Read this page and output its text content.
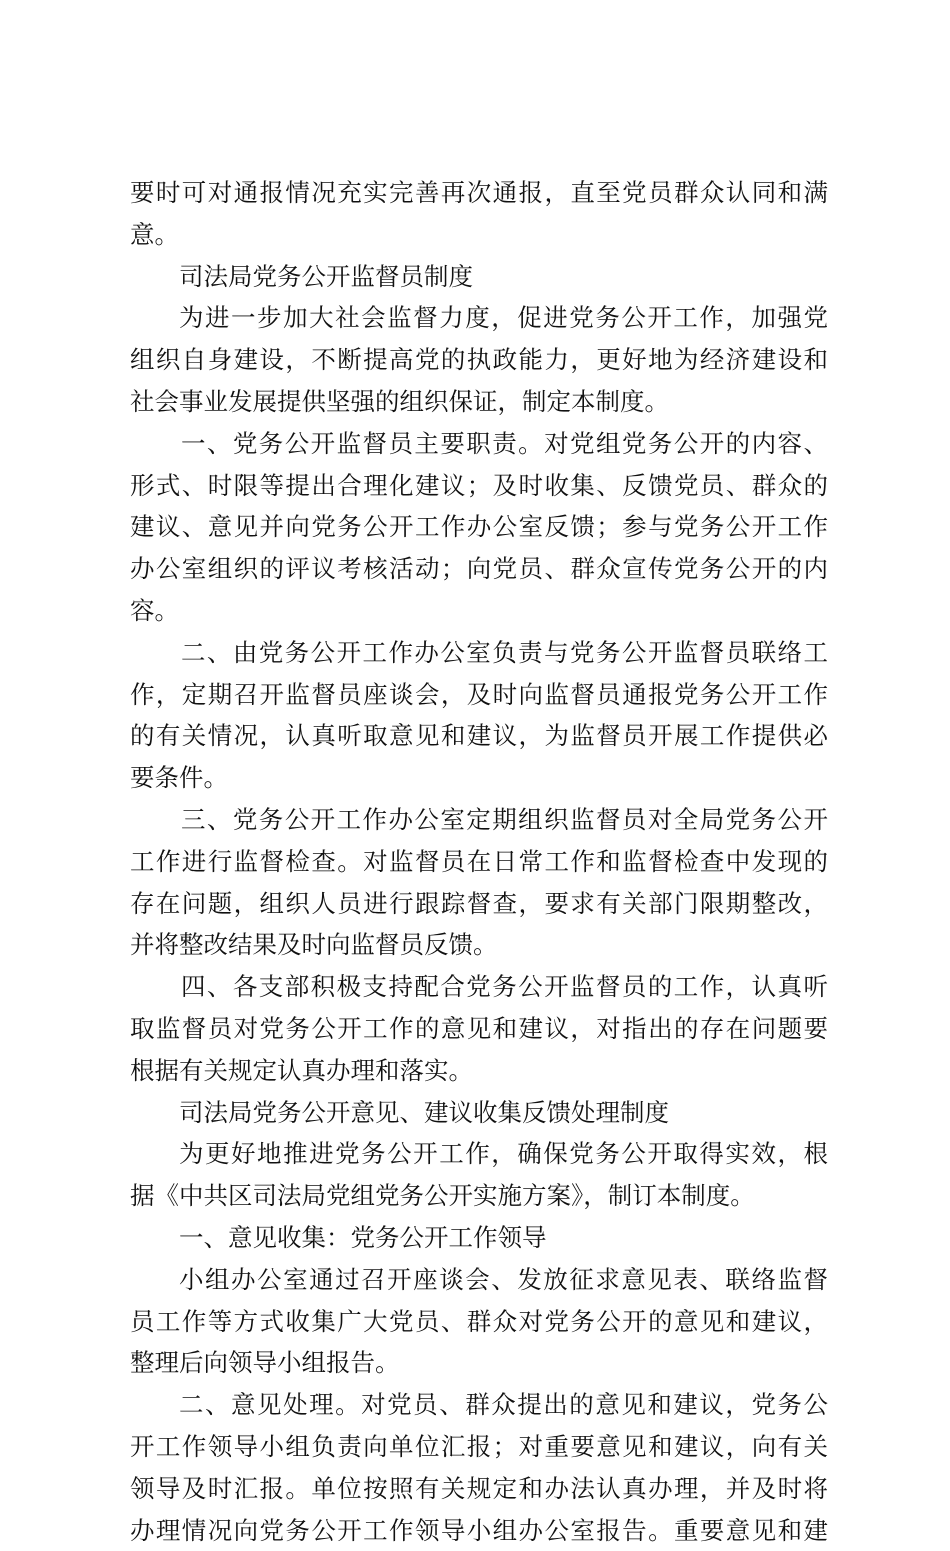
要时可对通报情况充实完善再次通报，直至党员群众认同和满
意。
司法局党务公开监督员制度
为进一步加大社会监督力度，促进党务公开工作，加强党
组织自身建设，不断提高党的执政能力，更好地为经济建设和
社会事业发展提供坚强的组织保证，制定本制度。
一、党务公开监督员主要职责。对党组党务公开的内容、
形式、时限等提出合理化建议；及时收集、反馈党员、群众的
建议、意见并向党务公开工作办公室反馈；参与党务公开工作
办公室组织的评议考核活动；向党员、群众宣传党务公开的内
容。
二、由党务公开工作办公室负责与党务公开监督员联络工
作，定期召开监督员座谈会，及时向监督员通报党务公开工作
的有关情况，认真听取意见和建议，为监督员开展工作提供必
要条件。
三、党务公开工作办公室定期组织监督员对全局党务公开
工作进行监督检查。对监督员在日常工作和监督检查中发现的
存在问题，组织人员进行跟踪督查，要求有关部门限期整改，
并将整改结果及时向监督员反馈。
四、各支部积极支持配合党务公开监督员的工作，认真听
取监督员对党务公开工作的意见和建议，对指出的存在问题要
根据有关规定认真办理和落实。
司法局党务公开意见、建议收集反馈处理制度
为更好地推进党务公开工作，确保党务公开取得实效，根
据《中共区司法局党组党务公开实施方案》，制订本制度。
一、意见收集：党务公开工作领导
小组办公室通过召开座谈会、发放征求意见表、联络监督
员工作等方式收集广大党员、群众对党务公开的意见和建议，
整理后向领导小组报告。
二、意见处理。对党员、群众提出的意见和建议，党务公
开工作领导小组负责向单位汇报；对重要意见和建议，向有关
领导及时汇报。单位按照有关规定和办法认真办理，并及时将
办理情况向党务公开工作领导小组办公室报告。重要意见和建
